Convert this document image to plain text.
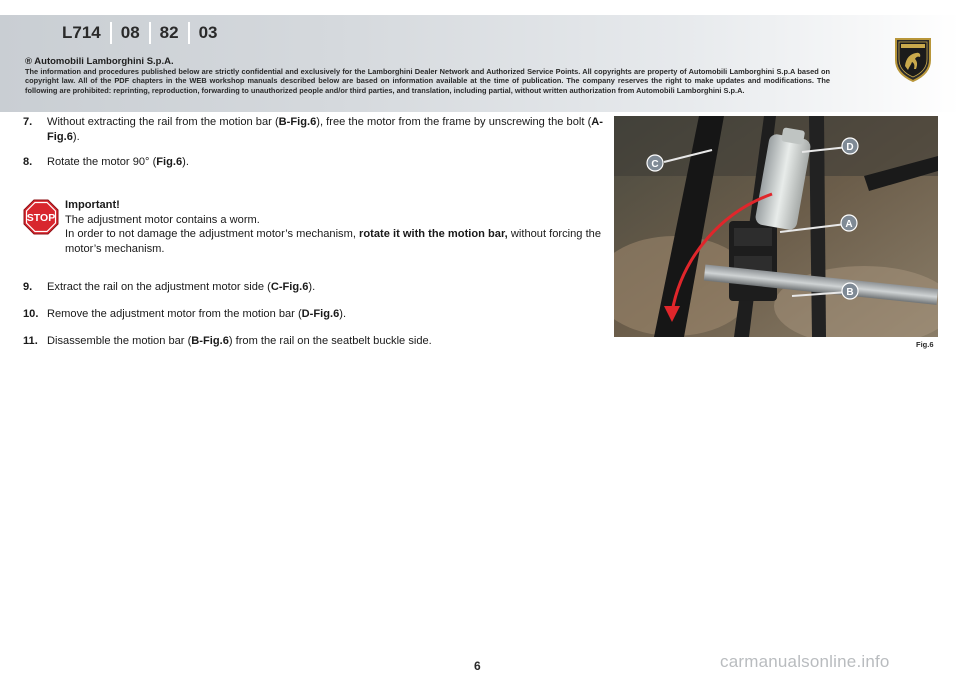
L714	08	82	03
® Automobili Lamborghini S.p.A.
The information and procedures published below are strictly confidential and exclusively for the Lamborghini Dealer Network and Authorized Service Points. All copyrights are property of Automobili Lamborghini S.p.A based on copyright law. All of the PDF chapters in the WEB workshop manuals described below are based on information available at the time of publication. The company reserves the right to make updates and modifications. The following are prohibited: reprinting, reproduction, forwarding to unauthorized people and/or third parties, and translation, including partial, without written authorization from Automobili Lamborghini S.p.A.
7. Without extracting the rail from the motion bar (B-Fig.6), free the motor from the frame by unscrewing the bolt (A-Fig.6).
8. Rotate the motor 90° (Fig.6).
STOP
Important!
The adjustment motor contains a worm.
In order to not damage the adjustment motor’s mechanism, rotate it with the motion bar, without forcing the motor’s mechanism.
9. Extract the rail on the adjustment motor side (C-Fig.6).
10. Remove the adjustment motor from the motion bar (D-Fig.6).
11. Disassemble the motion bar (B-Fig.6) from the rail on the seatbelt buckle side.
C
D
A
B
Fig.6
6	carmanualsonline.info
